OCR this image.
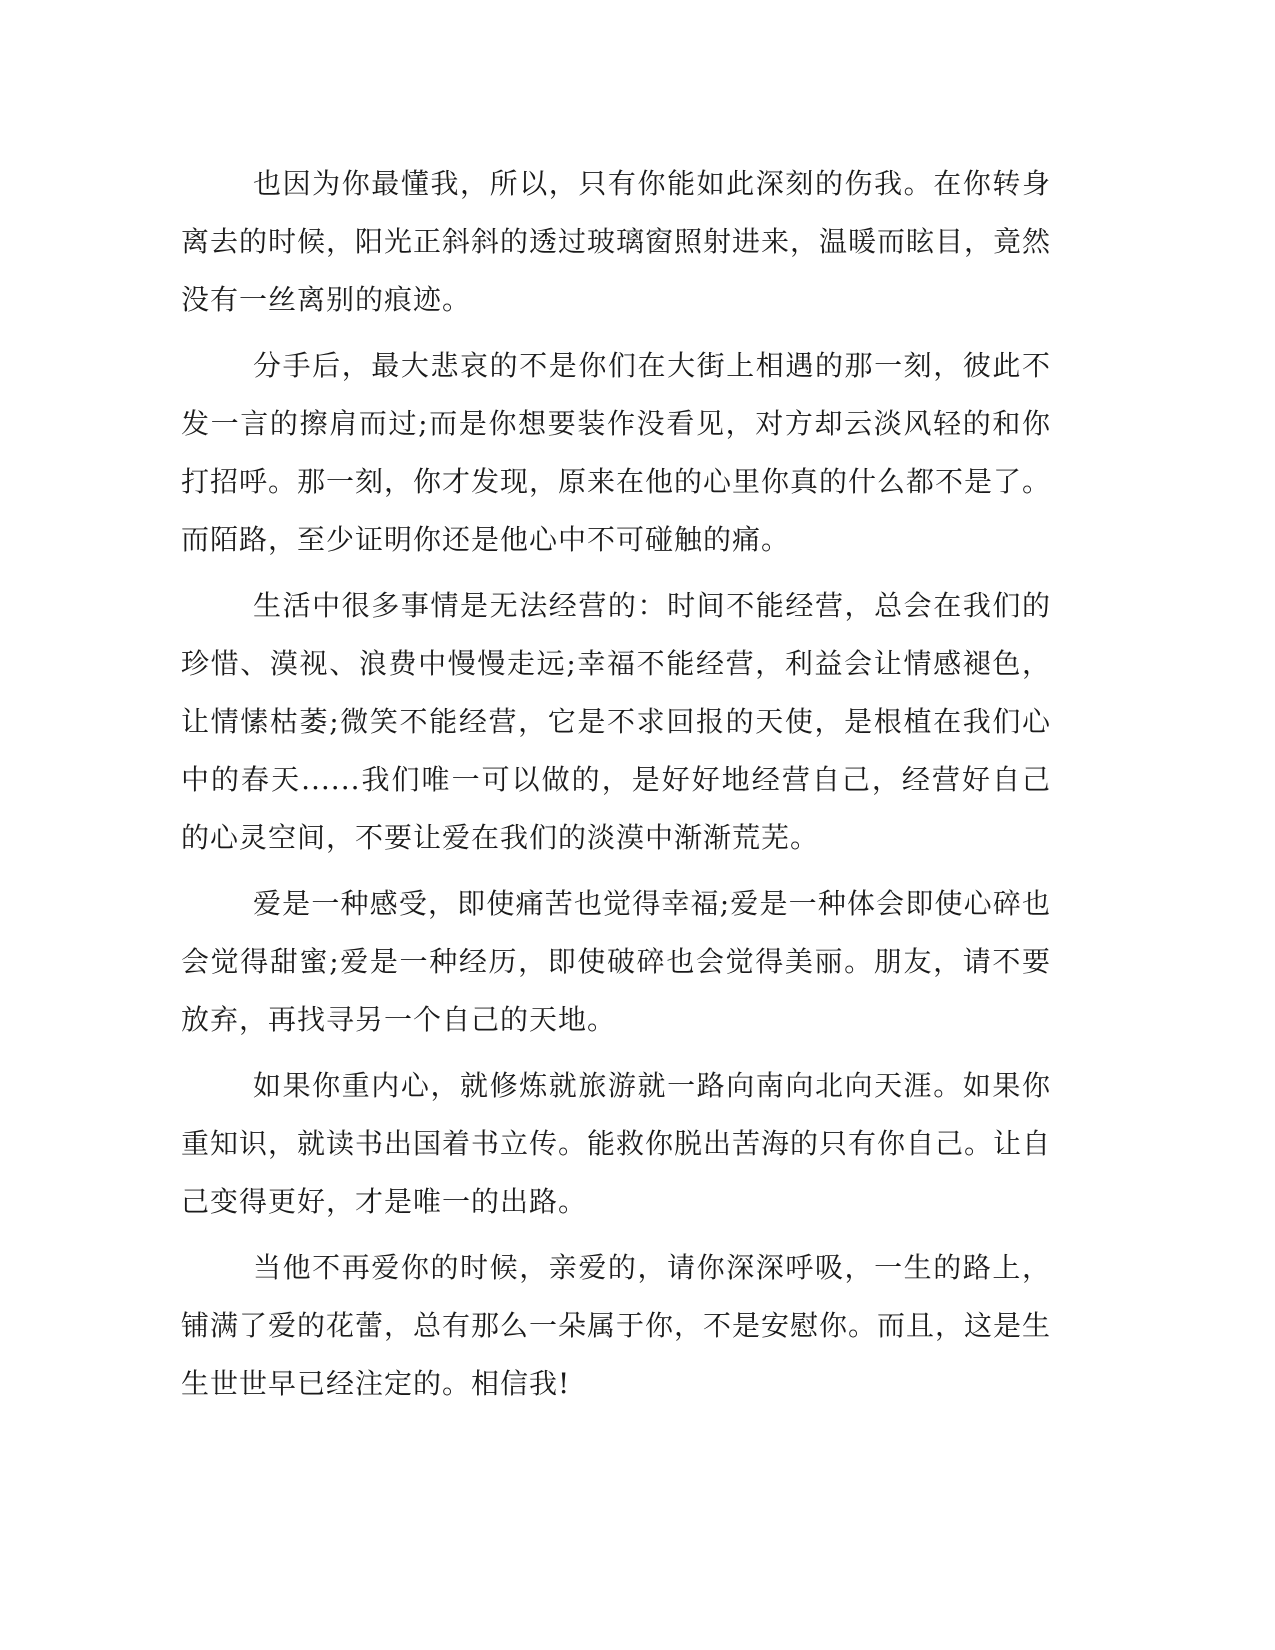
也因为你最懂我，所以，只有你能如此深刻的伤我。在你转身离去的时候，阳光正斜斜的透过玻璃窗照射进来，温暖而眩目，竟然没有一丝离别的痕迹。

分手后，最大悲哀的不是你们在大街上相遇的那一刻，彼此不发一言的擦肩而过;而是你想要装作没看见，对方却云淡风轻的和你打招呼。那一刻，你才发现，原来在他的心里你真的什么都不是了。而陌路，至少证明你还是他心中不可碰触的痛。

生活中很多事情是无法经营的：时间不能经营，总会在我们的珍惜、漠视、浪费中慢慢走远;幸福不能经营，利益会让情感褪色，让情愫枯萎;微笑不能经营，它是不求回报的天使，是根植在我们心中的春天......我们唯一可以做的，是好好地经营自己，经营好自己的心灵空间，不要让爱在我们的淡漠中渐渐荒芜。

爱是一种感受，即使痛苦也觉得幸福;爱是一种体会即使心碎也会觉得甜蜜;爱是一种经历，即使破碎也会觉得美丽。朋友，请不要放弃，再找寻另一个自己的天地。

如果你重内心，就修炼就旅游就一路向南向北向天涯。如果你重知识，就读书出国着书立传。能救你脱出苦海的只有你自己。让自己变得更好，才是唯一的出路。

当他不再爱你的时候，亲爱的，请你深深呼吸，一生的路上，铺满了爱的花蕾，总有那么一朵属于你，不是安慰你。而且，这是生生世世早已经注定的。相信我!
